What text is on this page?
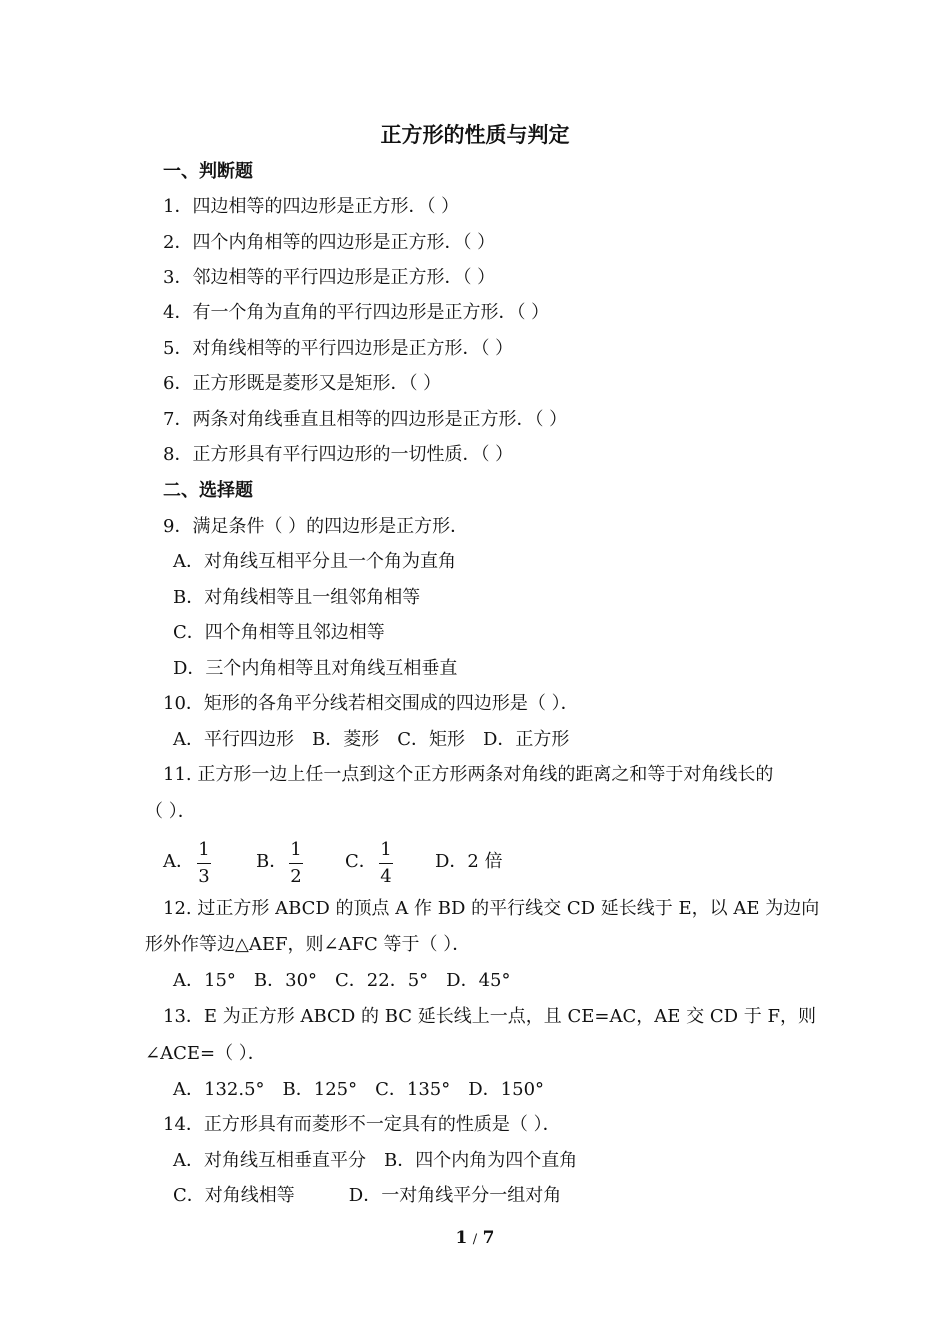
正方形的性质与判定
一、判断题
1．四边相等的四边形是正方形．（ ）
2．四个内角相等的四边形是正方形．（ ）
3．邻边相等的平行四边形是正方形．（ ）
4．有一个角为直角的平行四边形是正方形．（ ）
5．对角线相等的平行四边形是正方形．（ ）
6．正方形既是菱形又是矩形．（ ）
7．两条对角线垂直且相等的四边形是正方形．（ ）
8．正方形具有平行四边形的一切性质．（ ）
二、选择题
9．满足条件（ ）的四边形是正方形．
A．对角线互相平分且一个角为直角
B．对角线相等且一组邻角相等
C．四个角相等且邻边相等
D．三个内角相等且对角线互相垂直
10．矩形的各角平分线若相交围成的四边形是（ ）．
A．平行四边形　B．菱形　C．矩形　D．正方形
11. 正方形一边上任一点到这个正方形两条对角线的距离之和等于对角线长的
（ ）．
A．
1
3
B．
1
2
C．
1
4
D．2 倍
12. 过正方形 ABCD 的顶点 A 作 BD 的平行线交 CD 延长线于 E，以 AE 为边向
形外作等边△AEF，则∠AFC 等于（ ）．
A．15°　B．30°　C．22．5°　D．45°
13．E 为正方形 ABCD 的 BC 延长线上一点，且 CE=AC，AE 交 CD 于 F，则
∠ACE=（ ）．
A．132.5°　B．125°　C．135°　D．150°
14．正方形具有而菱形不一定具有的性质是（ ）．
A．对角线互相垂直平分　B．四个内角为四个直角
C．对角线相等　　　D．一对角线平分一组对角
1 / 7
